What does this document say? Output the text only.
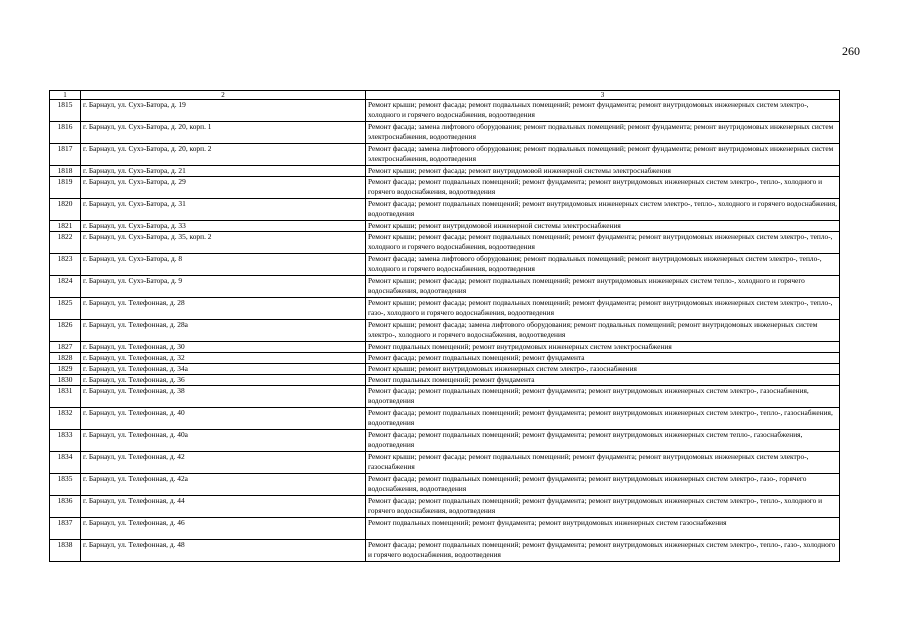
260
1	2	3
1815	г. Барнаул, ул. Сухэ-Батора, д. 19	Ремонт крыши; ремонт фасада; ремонт подвальных помещений; ремонт фундамента; ремонт внутридомовых инженерных систем электро-, холодного и горячего водоснабжения, водоотведения
1816	г. Барнаул, ул. Сухэ-Батора, д. 20, корп. 1	Ремонт фасада; замена лифтового оборудования; ремонт подвальных помещений; ремонт фундамента; ремонт внутридомовых инженерных систем электроснабжения, водоотведения
1817	г. Барнаул, ул. Сухэ-Батора, д. 20, корп. 2	Ремонт фасада; замена лифтового оборудования; ремонт подвальных помещений; ремонт фундамента; ремонт внутридомовых инженерных систем электроснабжения, водоотведения
1818	г. Барнаул, ул. Сухэ-Батора, д. 21	Ремонт крыши; ремонт фасада; ремонт внутридомовой инженерной системы электроснабжения
1819	г. Барнаул, ул. Сухэ-Батора, д. 29	Ремонт фасада; ремонт подвальных помещений; ремонт фундамента; ремонт внутридомовых инженерных систем электро-, тепло-, холодного и горячего водоснабжения, водоотведения
1820	г. Барнаул, ул. Сухэ-Батора, д. 31	Ремонт фасада; ремонт подвальных помещений; ремонт внутридомовых инженерных систем электро-, тепло-, холодного и горячего водоснабжения, водоотведения
1821	г. Барнаул, ул. Сухэ-Батора, д. 33	Ремонт крыши; ремонт внутридомовой инженерной системы электроснабжения
1822	г. Барнаул, ул. Сухэ-Батора, д. 35, корп. 2	Ремонт крыши; ремонт фасада; ремонт подвальных помещений; ремонт фундамента; ремонт внутридомовых инженерных систем электро-, тепло-, холодного и горячего водоснабжения, водоотведения
1823	г. Барнаул, ул. Сухэ-Батора, д. 8	Ремонт фасада; замена лифтового оборудования; ремонт подвальных помещений; ремонт внутридомовых инженерных систем электро-, тепло-, холодного и горячего водоснабжения, водоотведения
1824	г. Барнаул, ул. Сухэ-Батора, д. 9	Ремонт крыши; ремонт фасада; ремонт подвальных помещений; ремонт внутридомовых инженерных систем тепло-, холодного и горячего водоснабжения, водоотведения
1825	г. Барнаул, ул. Телефонная, д. 28	Ремонт крыши; ремонт фасада; ремонт подвальных помещений; ремонт фундамента; ремонт внутридомовых инженерных систем электро-, тепло-, газо-, холодного и горячего водоснабжения, водоотведения
1826	г. Барнаул, ул. Телефонная, д. 28а	Ремонт крыши; ремонт фасада; замена лифтового оборудования; ремонт подвальных помещений; ремонт внутридомовых инженерных систем электро-, холодного и горячего водоснабжения, водоотведения
1827	г. Барнаул, ул. Телефонная, д. 30	Ремонт подвальных помещений; ремонт внутридомовых инженерных систем электроснабжения
1828	г. Барнаул, ул. Телефонная, д. 32	Ремонт фасада; ремонт подвальных помещений; ремонт фундамента
1829	г. Барнаул, ул. Телефонная, д. 34а	Ремонт крыши; ремонт внутридомовых инженерных систем электро-, газоснабжения
1830	г. Барнаул, ул. Телефонная, д. 36	Ремонт подвальных помещений; ремонт фундамента
1831	г. Барнаул, ул. Телефонная, д. 38	Ремонт фасада; ремонт подвальных помещений; ремонт фундамента; ремонт внутридомовых инженерных систем электро-, газоснабжения, водоотведения
1832	г. Барнаул, ул. Телефонная, д. 40	Ремонт фасада; ремонт подвальных помещений; ремонт фундамента; ремонт внутридомовых инженерных систем электро-, тепло-, газоснабжения, водоотведения
1833	г. Барнаул, ул. Телефонная, д. 40а	Ремонт фасада; ремонт подвальных помещений; ремонт фундамента; ремонт внутридомовых инженерных систем тепло-, газоснабжения, водоотведения
1834	г. Барнаул, ул. Телефонная, д. 42	Ремонт крыши; ремонт фасада; ремонт подвальных помещений; ремонт фундамента; ремонт внутридомовых инженерных систем электро-, газоснабжения
1835	г. Барнаул, ул. Телефонная, д. 42а	Ремонт фасада; ремонт подвальных помещений; ремонт фундамента; ремонт внутридомовых инженерных систем электро-, газо-, горячего водоснабжения, водоотведения
1836	г. Барнаул, ул. Телефонная, д. 44	Ремонт фасада; ремонт подвальных помещений; ремонт фундамента; ремонт внутридомовых инженерных систем электро-, тепло-, холодного и горячего водоснабжения, водоотведения
1837	г. Барнаул, ул. Телефонная, д. 46	Ремонт подвальных помещений; ремонт фундамента; ремонт внутридомовых инженерных систем газоснабжения
1838	г. Барнаул, ул. Телефонная, д. 48	Ремонт фасада; ремонт подвальных помещений; ремонт фундамента; ремонт внутридомовых инженерных систем электро-, тепло-, газо-, холодного и горячего водоснабжения, водоотведения
